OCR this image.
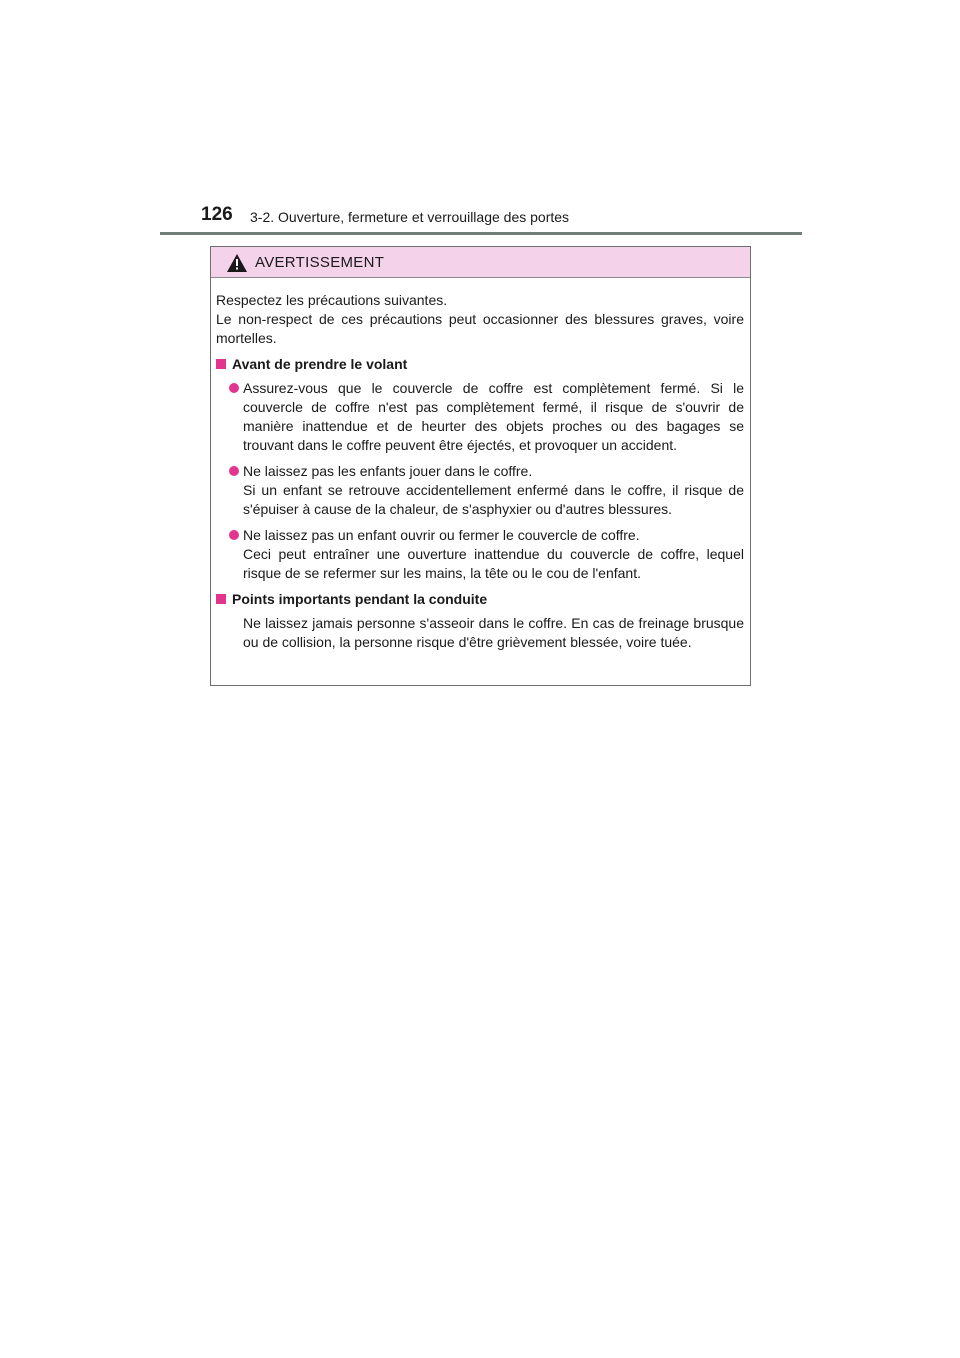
126 3-2. Ouverture, fermeture et verrouillage des portes
AVERTISSEMENT
Respectez les précautions suivantes.
Le non-respect de ces précautions peut occasionner des blessures graves, voire mortelles.
Avant de prendre le volant
Assurez-vous que le couvercle de coffre est complètement fermé. Si le couvercle de coffre n'est pas complètement fermé, il risque de s'ouvrir de manière inattendue et de heurter des objets proches ou des bagages se trouvant dans le coffre peuvent être éjectés, et provoquer un accident.
Ne laissez pas les enfants jouer dans le coffre.
Si un enfant se retrouve accidentellement enfermé dans le coffre, il risque de s'épuiser à cause de la chaleur, de s'asphyxier ou d'autres blessures.
Ne laissez pas un enfant ouvrir ou fermer le couvercle de coffre.
Ceci peut entraîner une ouverture inattendue du couvercle de coffre, lequel risque de se refermer sur les mains, la tête ou le cou de l'enfant.
Points importants pendant la conduite
Ne laissez jamais personne s'asseoir dans le coffre. En cas de freinage brusque ou de collision, la personne risque d'être grièvement blessée, voire tuée.
